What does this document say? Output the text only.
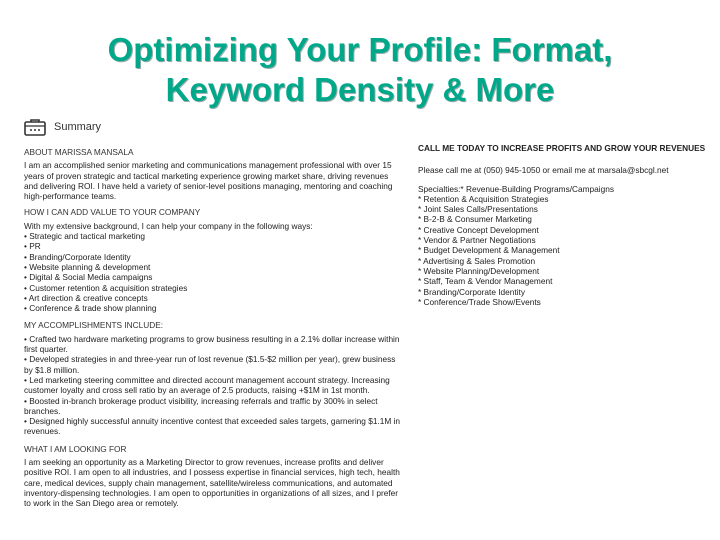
Optimizing Your Profile: Format,
Keyword Density & More
Summary
ABOUT MARISSA MANSALA

I am an accomplished senior marketing and communications management professional with over 15 years of proven strategic and tactical marketing experience growing market share, driving revenues and delivering ROI. I have held a variety of senior-level positions managing, mentoring and coaching high-performance teams.

HOW I CAN ADD VALUE TO YOUR COMPANY
With my extensive background, I can help your company in the following ways:
• Strategic and tactical marketing
• PR
• Branding/Corporate Identity
• Website planning & development
• Digital & Social Media campaigns
• Customer retention & acquisition strategies
• Art direction & creative concepts
• Conference & trade show planning
MY ACCOMPLISHMENTS INCLUDE:
• Crafted two hardware marketing programs to grow business resulting in a 2.1% dollar increase within first quarter.
• Developed strategies in and three-year run of lost revenue ($1.5-$2 million per year), grew business by $1.8 million.
• Led marketing steering committee and directed account management account strategy. Increasing customer loyalty and cross sell ratio by an average of 2.5 products, raising +$1M in 1st month.
• Boosted in-branch brokerage product visibility, increasing referrals and traffic by 300% in select branches.
• Designed highly successful annuity incentive contest that exceeded sales targets, garnering $1.1M in revenues.
WHAT I AM LOOKING FOR

I am seeking an opportunity as a Marketing Director to grow revenues, increase profits and deliver positive ROI. I am open to all industries, and I possess expertise in financial services, high tech, health care, medical devices, supply chain management, satellite/wireless communications, and automated inventory-dispensing technologies. I am open to opportunities in organizations of all sizes, and I prefer to work in the San Diego area or remotely.

CALL ME TODAY TO INCREASE PROFITS AND GROW YOUR REVENUES
Please call me at (050) 945-1050 or email me at marsala@sbcgl.net
Specialties:* Revenue-Building Programs/Campaigns
* Retention & Acquisition Strategies
* Joint Sales Calls/Presentations
* B-2-B & Consumer Marketing
* Creative Concept Development
* Vendor & Partner Negotiations
* Budget Development & Management
* Advertising & Sales Promotion
* Website Planning/Development
* Staff, Team & Vendor Management
* Branding/Corporate Identity
* Conference/Trade Show/Events
